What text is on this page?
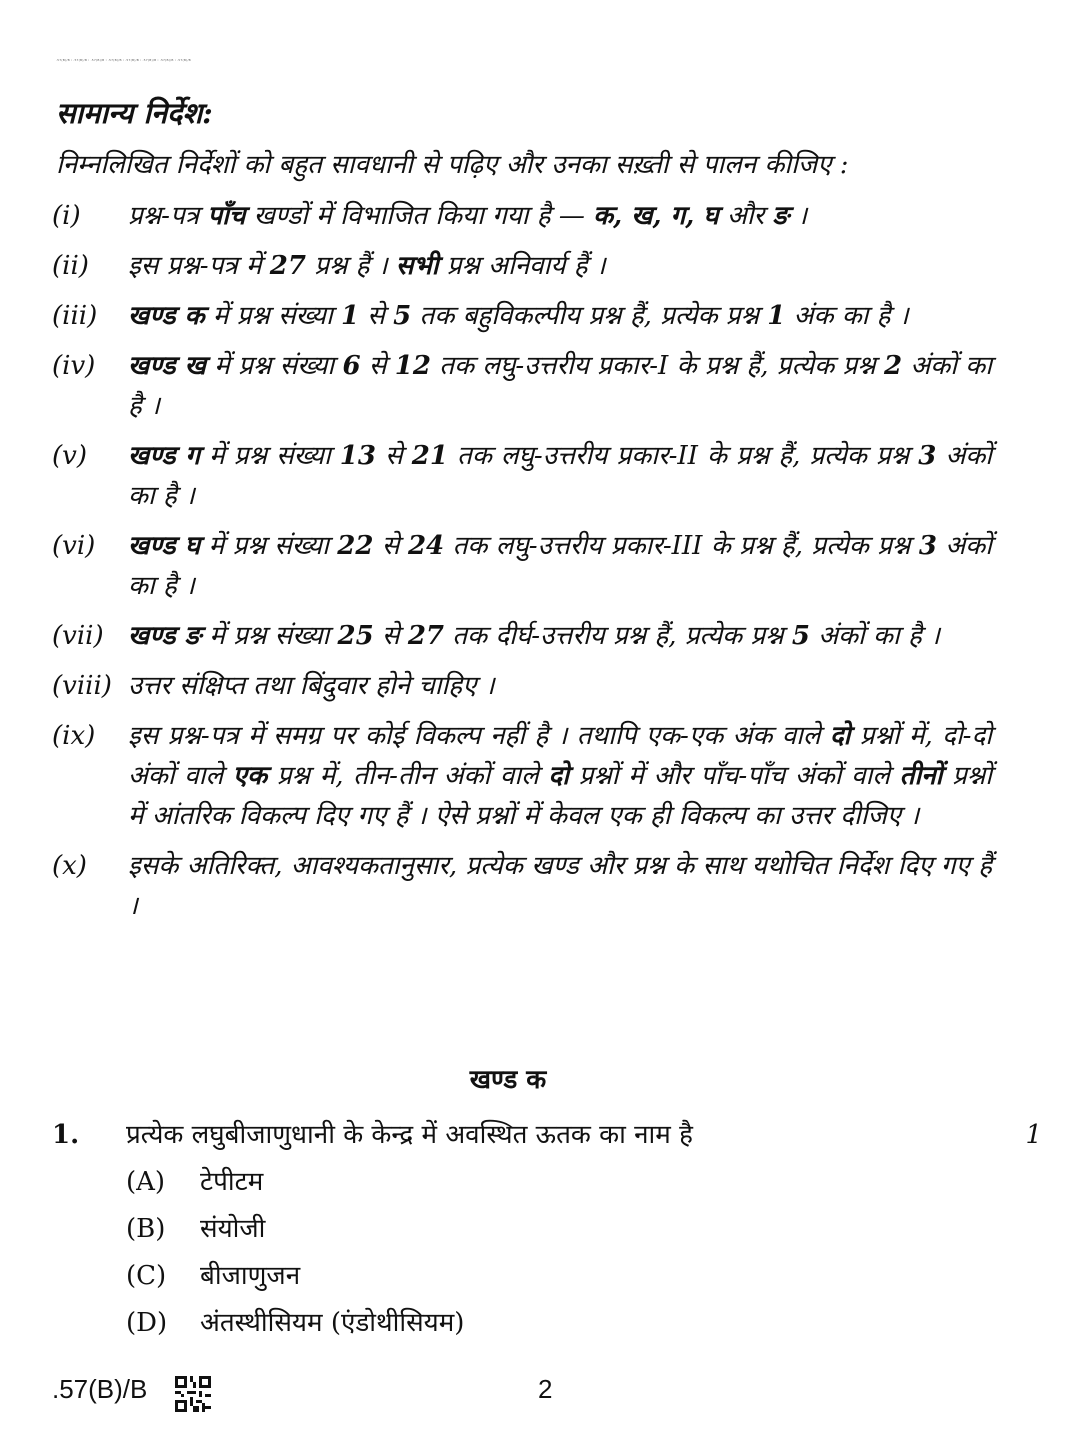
.57(B)/B ⁞ .57(B)/B ⁞ .57(B)/B ⁞ .57(B)/B ⁞ .57(B)/B ⁞ .57(B)/B ⁞ .57(B)/B ⁞ .57(B)/B
सामान्य निर्देश:
निम्नलिखित निर्देशों को बहुत सावधानी से पढ़िए और उनका सख़्ती से पालन कीजिए :
(i)	प्रश्न-पत्र पाँच खण्डों में विभाजित किया गया है — क, ख, ग, घ और ङ ।
(ii)	इस प्रश्न-पत्र में 27 प्रश्न हैं । सभी प्रश्न अनिवार्य हैं ।
(iii)	खण्ड क में प्रश्न संख्या 1 से 5 तक बहुविकल्पीय प्रश्न हैं, प्रत्येक प्रश्न 1 अंक का है ।
(iv)	खण्ड ख में प्रश्न संख्या 6 से 12 तक लघु-उत्तरीय प्रकार-I के प्रश्न हैं, प्रत्येक प्रश्न 2 अंकों का है ।
(v)	खण्ड ग में प्रश्न संख्या 13 से 21 तक लघु-उत्तरीय प्रकार-II के प्रश्न हैं, प्रत्येक प्रश्न 3 अंकों का है ।
(vi)	खण्ड घ में प्रश्न संख्या 22 से 24 तक लघु-उत्तरीय प्रकार-III के प्रश्न हैं, प्रत्येक प्रश्न 3 अंकों का है ।
(vii) खण्ड ङ में प्रश्न संख्या 25 से 27 तक दीर्घ-उत्तरीय प्रश्न हैं, प्रत्येक प्रश्न 5 अंकों का है ।
(viii) उत्तर संक्षिप्त तथा बिंदुवार होने चाहिए ।
(ix)	इस प्रश्न-पत्र में समग्र पर कोई विकल्प नहीं है । तथापि एक-एक अंक वाले दो प्रश्नों में, दो-दो अंकों वाले एक प्रश्न में, तीन-तीन अंकों वाले दो प्रश्नों में और पाँच-पाँच अंकों वाले तीनों प्रश्नों में आंतरिक विकल्प दिए गए हैं । ऐसे प्रश्नों में केवल एक ही विकल्प का उत्तर दीजिए ।
(x)	इसके अतिरिक्त, आवश्यकतानुसार, प्रत्येक खण्ड और प्रश्न के साथ यथोचित निर्देश दिए गए हैं ।
खण्ड क
1. प्रत्येक लघुबीजाणुधानी के केन्द्र में अवस्थित ऊतक का नाम है	1
(A)	टेपीटम
(B)	संयोजी
(C)	बीजाणुजन
(D)	अंतस्थीसियम (एंडोथीसियम)
.57(B)/B	2
